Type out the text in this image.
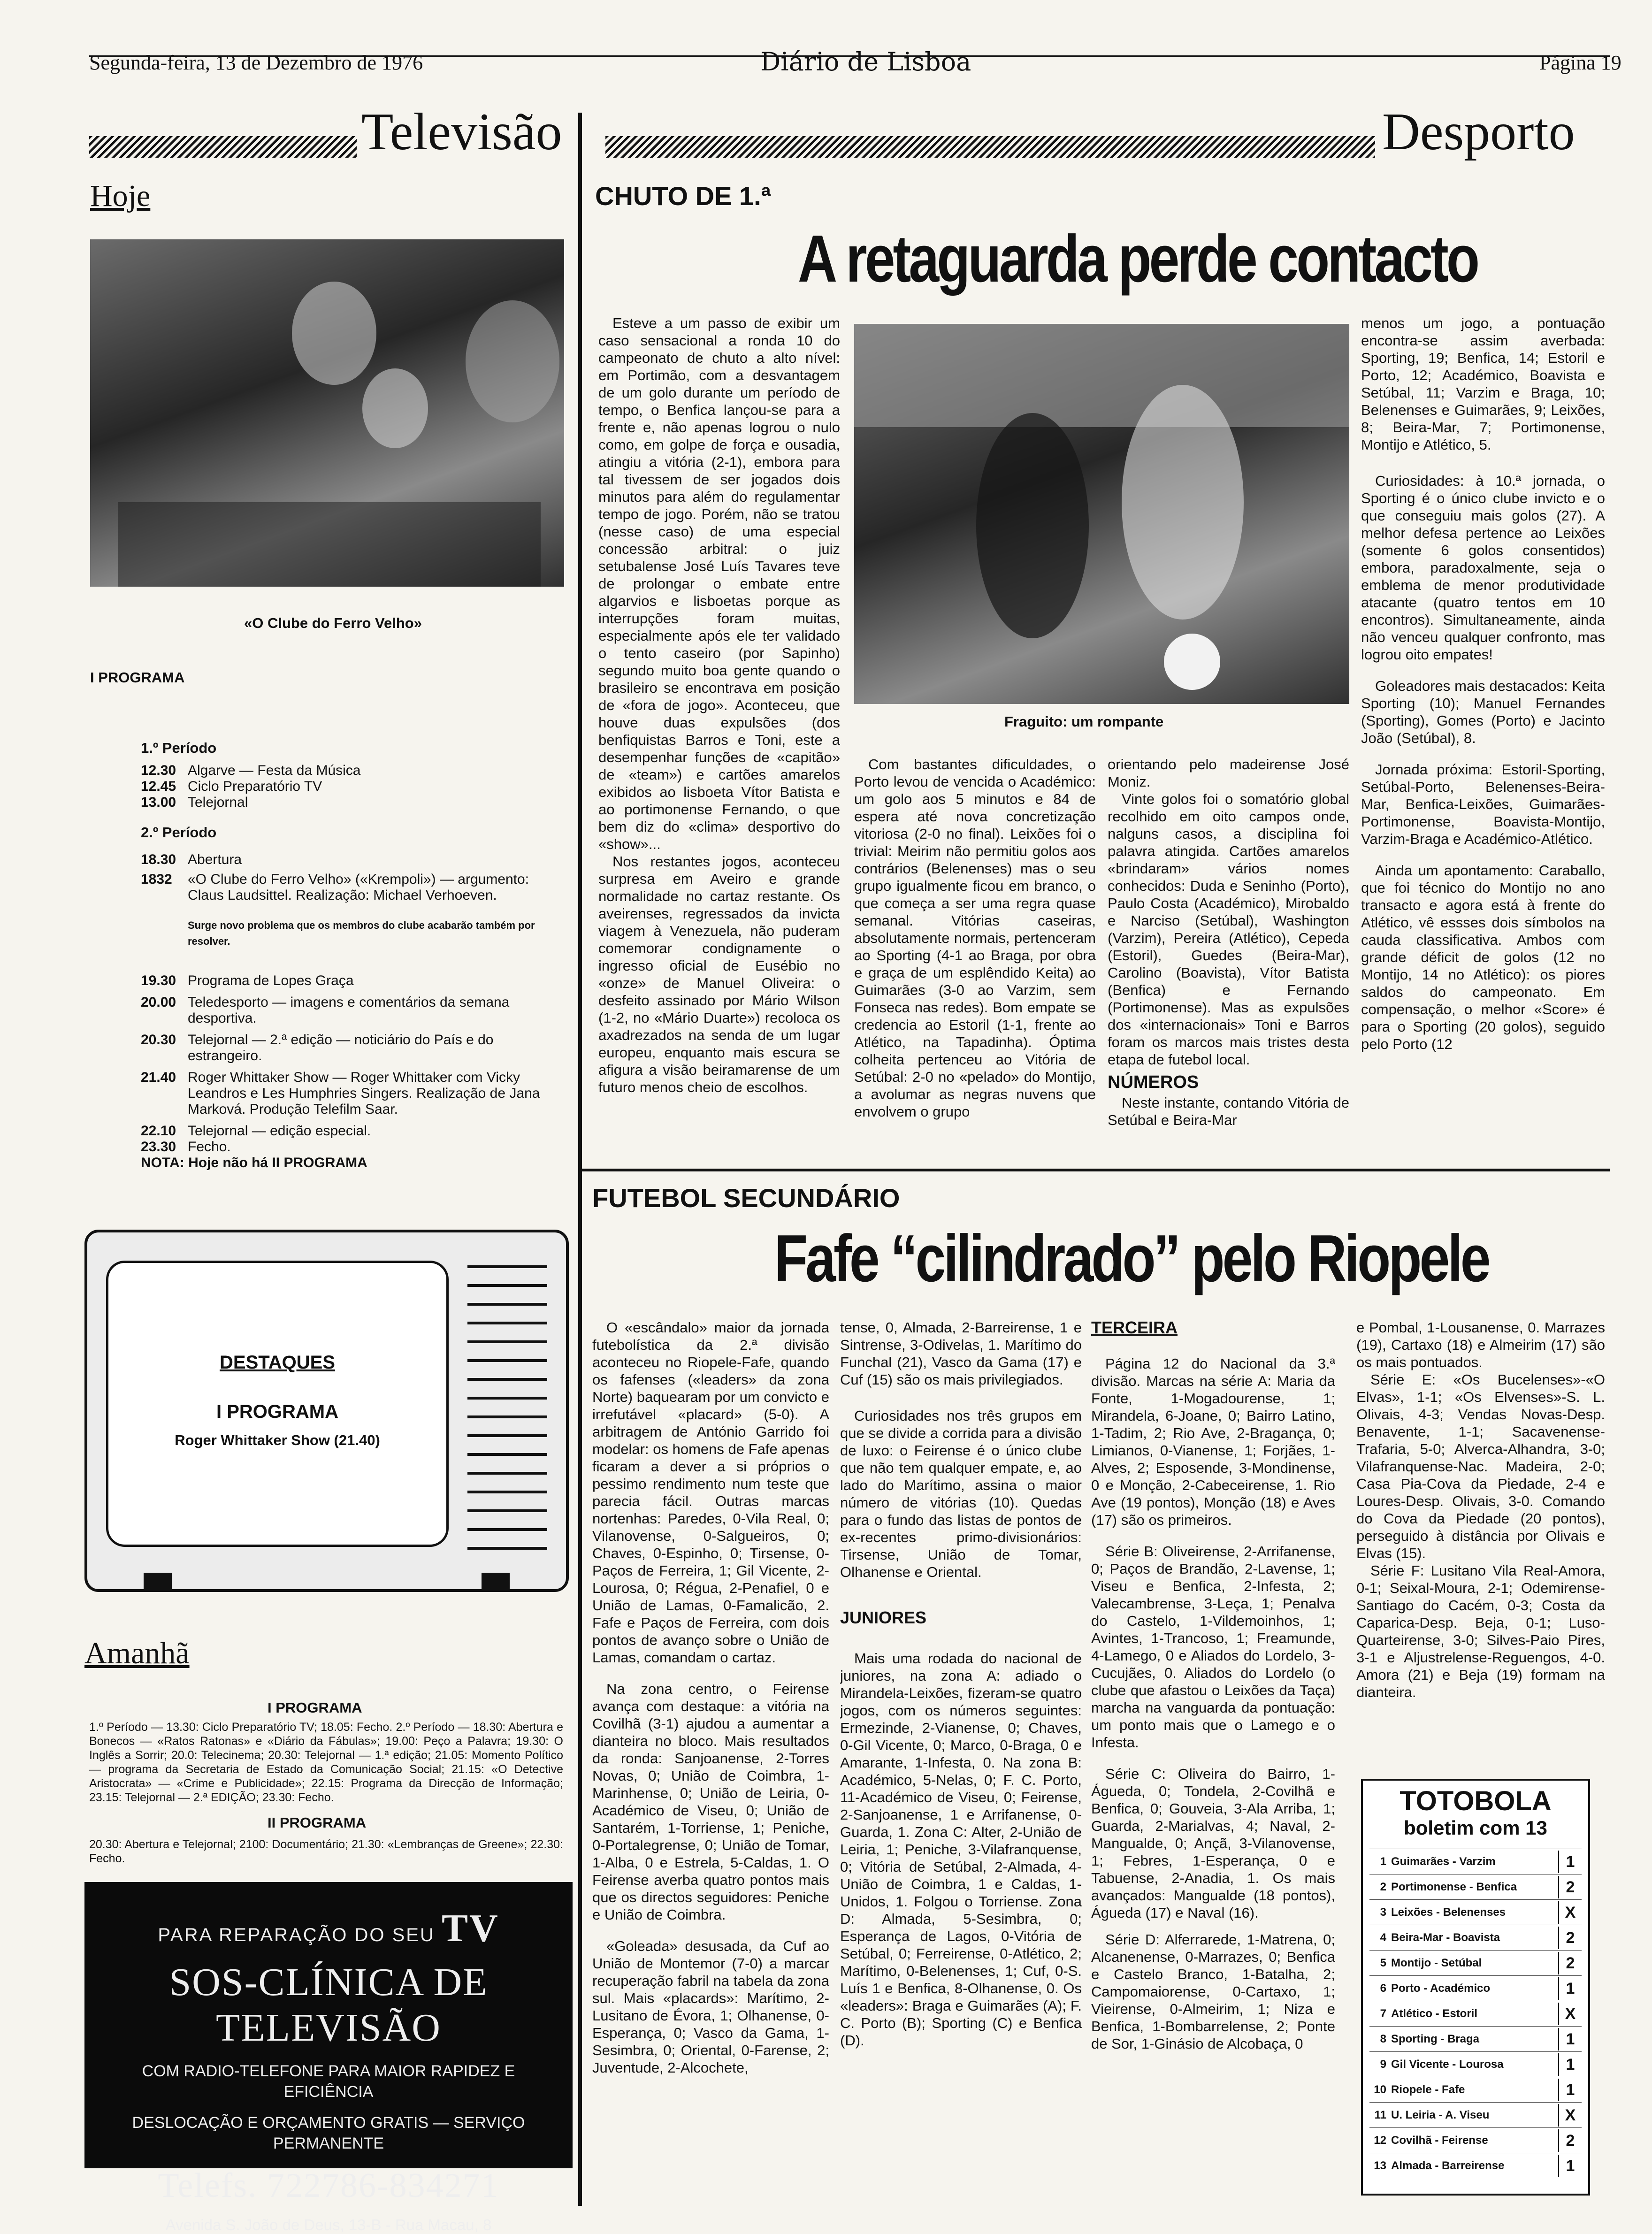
Segunda-feira, 13 de Dezembro de 1976	Diário de Lisboa	Página 19
Televisão	Desporto
Hoje
«O Clube do Ferro Velho»
I PROGRAMA
1.º Período
12.30 Algarve — Festa da Música
12.45 Ciclo Preparatório TV
13.00 Telejornal
2.º Período
18.30 Abertura
1832	«O Clube do Ferro Velho» («Krempoli») — argumento: Claus Laudsittel. Realização: Michael Verhoeven.
Surge novo problema que os membros do clube acabarão também por resolver.
19.30 Programa de Lopes Graça
20.00 Teledesporto — imagens e comentários da semana desportiva.
20.30 Telejornal — 2.ª edição — noticiário do País e do estrangeiro.
21.40 Roger Whittaker Show — Roger Whittaker com Vicky Leandros e Les Humphries Singers. Realização de Jana Marková. Produção Telefilm Saar.
22.10 Telejornal — edição especial.
23.30 Fecho.
NOTA: Hoje não há II PROGRAMA
DESTAQUES
I PROGRAMA
Roger Whittaker Show (21.40)
Amanhã
I PROGRAMA
1.º Período — 13.30: Ciclo Preparatório TV; 18.05: Fecho. 2.º Período — 18.30: Abertura e Bonecos — «Ratos Ratonas» e «Diário da Fábulas»; 19.00: Peço a Palavra; 19.30: O Inglês a Sorrir; 20.0: Telecinema; 20.30: Telejornal — 1.ª edição; 21.05: Momento Político — programa da Secretaria de Estado da Comunicação Social; 21.15: «O Detective Aristocrata» — «Crime e Publicidade»; 22.15: Programa da Direcção de Informação; 23.15: Telejornal — 2.ª EDIÇÃO; 23.30: Fecho.
II PROGRAMA
20.30: Abertura e Telejornal; 2100: Documentário; 21.30: «Lembranças de Greene»; 22.30: Fecho.
PARA REPARAÇÃO DO SEU TV
SOS-CLÍNICA DE TELEVISÃO
COM RADIO-TELEFONE PARA MAIOR RAPIDEZ E EFICIÊNCIA
DESLOCAÇÃO E ORÇAMENTO GRATIS — SERVIÇO PERMANENTE
Telefs. 722786-834271
Avenida S. João de Deus, 13-B - Rua Macau, 8
CHUTO DE 1.ª
A retaguarda perde contacto
Fraguito: um rompante
Esteve a um passo de exibir um caso sensacional a ronda 10 do campeonato de chuto a alto nível: em Portimão, com a desvantagem de um golo durante um período de tempo, o Benfica lançou-se para a frente e, não apenas logrou o nulo como, em golpe de força e ousadia, atingiu a vitória (2-1), embora para tal tivessem de ser jogados dois minutos para além do regulamentar tempo de jogo. Porém, não se tratou (nesse caso) de uma especial concessão arbitral: o juiz setubalense José Luís Tavares teve de prolongar o embate entre algarvios e lisboetas porque as interrupções foram muitas, especialmente após ele ter validado o tento caseiro (por Sapinho) segundo muito boa gente quando o brasileiro se encontrava em posição de «fora de jogo». Aconteceu, que houve duas expulsões (dos benfiquistas Barros e Toni, este a desempenhar funções de «capitão» de «team») e cartões amarelos exibidos ao lisboeta Vítor Batista e ao portimonense Fernando, o que bem diz do «clima» desportivo do «show»...
Nos restantes jogos, aconteceu surpresa em Aveiro e grande normalidade no cartaz restante. Os aveirenses, regressados da invicta viagem à Venezuela, não puderam comemorar condignamente o ingresso oficial de Eusébio no «onze» de Manuel Oliveira: o desfeito assinado por Mário Wilson (1-2, no «Mário Duarte») recoloca os axadrezados na senda de um lugar europeu, enquanto mais escura se afigura a visão beiramarense de um futuro menos cheio de escolhos.
Com bastantes dificuldades, o Porto levou de vencida o Académico: um golo aos 5 minutos e 84 de espera até nova concretização vitoriosa (2-0 no final). Leixões foi o trivial: Meirim não permitiu golos aos contrários (Belenenses) mas o seu grupo igualmente ficou em branco, o que começa a ser uma regra quase semanal. Vitórias caseiras, absolutamente normais, pertenceram ao Sporting (4-1 ao Braga, por obra e graça de um esplêndido Keita) ao Guimarães (3-0 ao Varzim, sem Fonseca nas redes). Bom empate se credencia ao Estoril (1-1, frente ao Atlético, na Tapadinha). Óptima colheita pertenceu ao Vitória de Setúbal: 2-0 no «pelado» do Montijo, a avolumar as negras nuvens que envolvem o grupo
orientando pelo madeirense José Moniz.
Vinte golos foi o somatório global recolhido em oito campos onde, nalguns casos, a disciplina foi palavra atingida. Cartões amarelos «brindaram» vários nomes conhecidos: Duda e Seninho (Porto), Paulo Costa (Académico), Mirobaldo e Narciso (Setúbal), Washington (Varzim), Pereira (Atlético), Cepeda (Estoril), Guedes (Beira-Mar), Carolino (Boavista), Vítor Batista (Benfica) e Fernando (Portimonense). Mas as expulsões dos «internacionais» Toni e Barros foram os marcos mais tristes desta etapa de futebol local.
NÚMEROS
Neste instante, contando Vitória de Setúbal e Beira-Mar
menos um jogo, a pontuação encontra-se assim averbada: Sporting, 19; Benfica, 14; Estoril e Porto, 12; Académico, Boavista e Setúbal, 11; Varzim e Braga, 10; Belenenses e Guimarães, 9; Leixões, 8; Beira-Mar, 7; Portimonense, Montijo e Atlético, 5.
Curiosidades: à 10.ª jornada, o Sporting é o único clube invicto e o que conseguiu mais golos (27). A melhor defesa pertence ao Leixões (somente 6 golos consentidos) embora, paradoxalmente, seja o emblema de menor produtividade atacante (quatro tentos em 10 encontros). Simultaneamente, ainda não venceu qualquer confronto, mas logrou oito empates!
Goleadores mais destacados: Keita Sporting (10); Manuel Fernandes (Sporting), Gomes (Porto) e Jacinto João (Setúbal), 8.
Jornada próxima: Estoril-Sporting, Setúbal-Porto, Belenenses-Beira-Mar, Benfica-Leixões, Guimarães-Portimonense, Boavista-Montijo, Varzim-Braga e Académico-Atlético.
Ainda um apontamento: Caraballo, que foi técnico do Montijo no ano transacto e agora está à frente do Atlético, vê essses dois símbolos na cauda classificativa. Ambos com grande déficit de golos (12 no Montijo, 14 no Atlético): os piores saldos do campeonato. Em compensação, o melhor «Score» é para o Sporting (20 golos), seguido pelo Porto (12
FUTEBOL SECUNDÁRIO
Fafe “cilindrado” pelo Riopele
O «escândalo» maior da jornada futebolística da 2.ª divisão aconteceu no Riopele-Fafe, quando os fafenses («leaders» da zona Norte) baquearam por um convicto e irrefutável «placard» (5-0). A arbitragem de António Garrido foi modelar: os homens de Fafe apenas ficaram a dever a si próprios o pessimo rendimento num teste que parecia fácil. Outras marcas nortenhas: Paredes, 0-Vila Real, 0; Vilanovense, 0-Salgueiros, 0; Chaves, 0-Espinho, 0; Tirsense, 0-Paços de Ferreira, 1; Gil Vicente, 2-Lourosa, 0; Régua, 2-Penafiel, 0 e União de Lamas, 0-Famalicão, 2. Fafe e Paços de Ferreira, com dois pontos de avanço sobre o União de Lamas, comandam o cartaz.
Na zona centro, o Feirense avança com destaque: a vitória na Covilhã (3-1) ajudou a aumentar a dianteira no bloco. Mais resultados da ronda: Sanjoanense, 2-Torres Novas, 0; União de Coimbra, 1-Marinhense, 0; União de Leiria, 0-Académico de Viseu, 0; União de Santarém, 1-Torriense, 1; Peniche, 0-Portalegrense, 0; União de Tomar, 1-Alba, 0 e Estrela, 5-Caldas, 1. O Feirense averba quatro pontos mais que os directos seguidores: Peniche e União de Coimbra.
«Goleada» desusada, da Cuf ao União de Montemor (7-0) a marcar recuperação fabril na tabela da zona sul. Mais «placards»: Marítimo, 2-Lusitano de Évora, 1; Olhanense, 0-Esperança, 0; Vasco da Gama, 1-Sesimbra, 0; Oriental, 0-Farense, 2; Juventude, 2-Alcochete,
tense, 0, Almada, 2-Barreirense, 1 e Sintrense, 3-Odivelas, 1. Marítimo do Funchal (21), Vasco da Gama (17) e Cuf (15) são os mais privilegiados.
Curiosidades nos três grupos em que se divide a corrida para a divisão de luxo: o Feirense é o único clube que não tem qualquer empate, e, ao lado do Marítimo, assina o maior número de vitórias (10). Quedas para o fundo das listas de pontos de ex-recentes primo-divisionários: Tirsense, União de Tomar, Olhanense e Oriental.
JUNIORES
Mais uma rodada do nacional de juniores, na zona A: adiado o Mirandela-Leixões, fizeram-se quatro jogos, com os números seguintes: Ermezinde, 2-Vianense, 0; Chaves, 0-Gil Vicente, 0; Marco, 0-Braga, 0 e Amarante, 1-Infesta, 0. Na zona B: Académico, 5-Nelas, 0; F. C. Porto, 11-Académico de Viseu, 0; Feirense, 2-Sanjoanense, 1 e Arrifanense, 0-Guarda, 1. Zona C: Alter, 2-União de Leiria, 1; Peniche, 3-Vilafranquense, 0; Vitória de Setúbal, 2-Almada, 4-União de Coimbra, 1 e Caldas, 1-Unidos, 1. Folgou o Torriense. Zona D: Almada, 5-Sesimbra, 0; Esperança de Lagos, 0-Vitória de Setúbal, 0; Ferreirense, 0-Atlético, 2; Marítimo, 0-Belenenses, 1; Cuf, 0-S. Luís 1 e Benfica, 8-Olhanense, 0. Os «leaders»: Braga e Guimarães (A); F. C. Porto (B); Sporting (C) e Benfica (D).
TERCEIRA
Página 12 do Nacional da 3.ª divisão. Marcas na série A: Maria da Fonte, 1-Mogadourense, 1; Mirandela, 6-Joane, 0; Bairro Latino, 1-Tadim, 2; Rio Ave, 2-Bragança, 0; Limianos, 0-Vianense, 1; Forjães, 1-Alves, 2; Esposende, 3-Mondinense, 0 e Monção, 2-Cabeceirense, 1. Rio Ave (19 pontos), Monção (18) e Aves (17) são os primeiros.
Série B: Oliveirense, 2-Arrifanense, 0; Paços de Brandão, 2-Lavense, 1; Viseu e Benfica, 2-Infesta, 2; Valecambrense, 3-Leça, 1; Penalva do Castelo, 1-Vildemoinhos, 1; Avintes, 1-Trancoso, 1; Freamunde, 4-Lamego, 0 e Aliados do Lordelo, 3-Cucujães, 0. Aliados do Lordelo (o clube que afastou o Leixões da Taça) marcha na vanguarda da pontuação: um ponto mais que o Lamego e o Infesta.
Série C: Oliveira do Bairro, 1-Águeda, 0; Tondela, 2-Covilhã e Benfica, 0; Gouveia, 3-Ala Arriba, 1; Guarda, 2-Marialvas, 4; Naval, 2-Mangualde, 0; Ançã, 3-Vilanovense, 1; Febres, 1-Esperança, 0 e Tabuense, 2-Anadia, 1. Os mais avançados: Mangualde (18 pontos), Águeda (17) e Naval (16).
Série D: Alferrarede, 1-Matrena, 0; Alcanenense, 0-Marrazes, 0; Benfica e Castelo Branco, 1-Batalha, 2; Campomaiorense, 0-Cartaxo, 1; Vieirense, 0-Almeirim, 1; Niza e Benfica, 1-Bombarrelense, 2; Ponte de Sor, 1-Ginásio de Alcobaça, 0
e Pombal, 1-Lousanense, 0. Marrazes (19), Cartaxo (18) e Almeirim (17) são os mais pontuados.
Série E: «Os Bucelenses»-«O Elvas», 1-1; «Os Elvenses»-S. L. Olivais, 4-3; Vendas Novas-Desp. Benavente, 1-1; Sacavenense-Trafaria, 5-0; Alverca-Alhandra, 3-0; Vilafranquense-Nac. Madeira, 2-0; Casa Pia-Cova da Piedade, 2-4 e Loures-Desp. Olivais, 3-0. Comando do Cova da Piedade (20 pontos), perseguido à distância por Olivais e Elvas (15).
Série F: Lusitano Vila Real-Amora, 0-1; Seixal-Moura, 2-1; Odemirense-Santiago do Cacém, 0-3; Costa da Caparica-Desp. Beja, 0-1; Luso-Quarteirense, 3-0; Silves-Paio Pires, 3-1 e Aljustrelense-Reguengos, 4-0. Amora (21) e Beja (19) formam na dianteira.
TOTOBOLA
boletim com 13
1 Guimarães - Varzim	1
2 Portimonense - Benfica	2
3 Leixões - Belenenses	X
4 Beira-Mar - Boavista	2
5 Montijo - Setúbal	2
6 Porto - Académico	1
7 Atlético - Estoril	X
8 Sporting - Braga	1
9 Gil Vicente - Lourosa	1
10 Riopele - Fafe	1
11 U. Leiria - A. Viseu	X
12 Covilhã - Feirense	2
13 Almada - Barreirense	1
